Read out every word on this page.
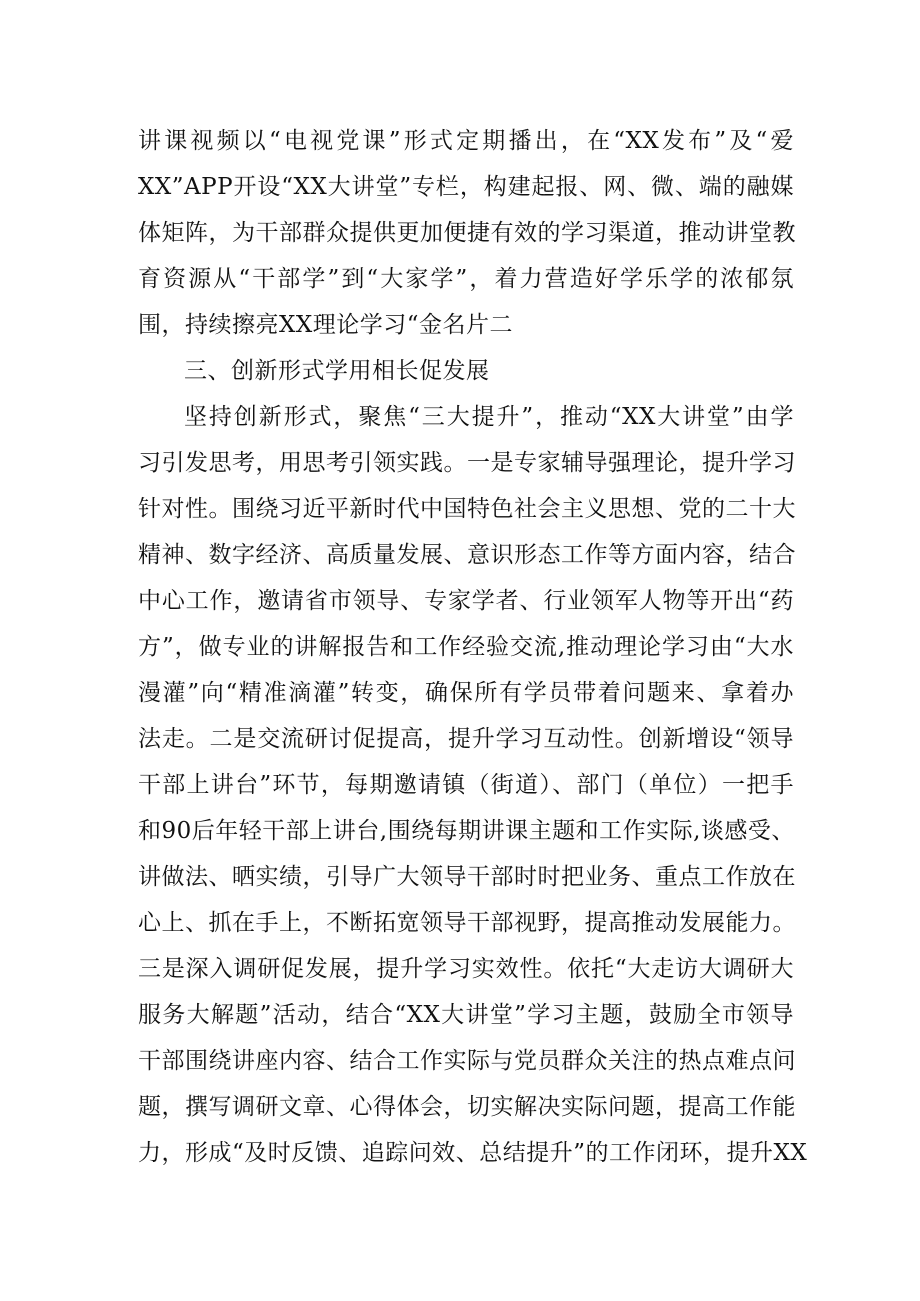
讲课视频以“电视党课”形式定期播出，在“XX发布”及“爱
XX”APP开设“XX大讲堂”专栏，构建起报、网、微、端的融媒
体矩阵，为干部群众提供更加便捷有效的学习渠道，推动讲堂教
育资源从“干部学”到“大家学”，着力营造好学乐学的浓郁氛
围，持续擦亮XX理论学习“金名片二
三、创新形式学用相长促发展
坚持创新形式，聚焦“三大提升”，推动“XX大讲堂”由学
习引发思考，用思考引领实践。一是专家辅导强理论，提升学习
针对性。围绕习近平新时代中国特色社会主义思想、党的二十大
精神、数字经济、高质量发展、意识形态工作等方面内容，结合
中心工作，邀请省市领导、专家学者、行业领军人物等开出“药
方”，做专业的讲解报告和工作经验交流,推动理论学习由“大水
漫灌”向“精准滴灌”转变，确保所有学员带着问题来、拿着办
法走。二是交流研讨促提高，提升学习互动性。创新增设“领导
干部上讲台”环节，每期邀请镇（街道）、部门（单位）一把手
和90后年轻干部上讲台,围绕每期讲课主题和工作实际,谈感受、
讲做法、晒实绩，引导广大领导干部时时把业务、重点工作放在
心上、抓在手上，不断拓宽领导干部视野，提高推动发展能力。
三是深入调研促发展，提升学习实效性。依托“大走访大调研大
服务大解题”活动，结合“XX大讲堂”学习主题，鼓励全市领导
干部围绕讲座内容、结合工作实际与党员群众关注的热点难点问
题，撰写调研文章、心得体会，切实解决实际问题，提高工作能
力，形成“及时反馈、追踪问效、总结提升”的工作闭环，提升XX
